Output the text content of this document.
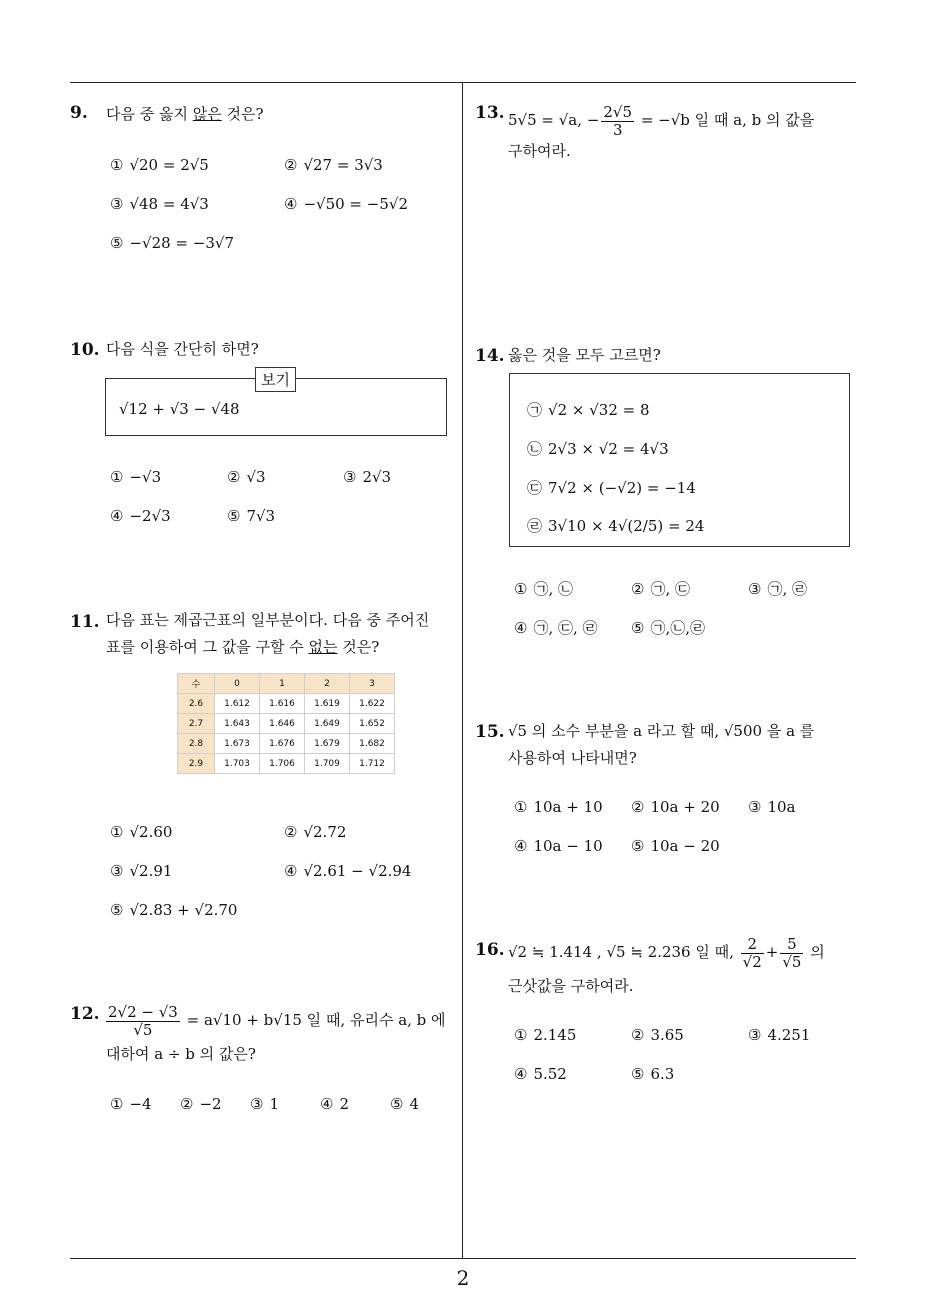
2
9. 다음 중 옳지 않은 것은?
① √20 = 2√5	② √27 = 3√3
③ √48 = 4√3	④ −√50 = −5√2
⑤ −√28 = −3√7
10. 다음 식을 간단히 하면?
보기
√12 + √3 − √48
① −√3	② √3	③ 2√3
④ −2√3	⑤ 7√3
11. 다음 표는 제곱근표의 일부분이다. 다음 중 주어진
표를 이용하여 그 값을 구할 수 없는 것은?
수	0	1	2	3
2.6	1.612	1.616	1.619	1.622
2.7	1.643	1.646	1.649	1.652
2.8	1.673	1.676	1.679	1.682
2.9	1.703	1.706	1.709	1.712
① √2.60	② √2.72
③ √2.91	④ √2.61 − √2.94
⑤ √2.83 + √2.70
12. $\frac{2√2 - √3}{√5} = a√10 + b√15$ 일 때, 유리수 a, b 에
대하여 a ÷ b 의 값은?
① −4 ② −2 ③ 1	④ 2	⑤ 4
13. 5√5 = √a, − $\frac{2√5}{3} = -√b$ 일 때 a, b 의 값을
구하여라.
14. 옳은 것을 모두 고르면?
㉠ √2 × √32 = 8
㉡ 2√3 × √2 = 4√3
㉢ 7√2 × (−√2) = −14
㉣ 3√10 × 4√(2/5) = 24
① ㉠, ㉡	② ㉠, ㉢	③ ㉠, ㉣
④ ㉠, ㉢, ㉣ ⑤ ㉠,㉡,㉣
15. √5 의 소수 부분을 a 라고 할 때, √500 을 a 를
사용하여 나타내면?
① 10a + 10 ② 10a + 20 ③ 10a
④ 10a − 10 ⑤ 10a − 20
16. √2 ≒ 1.414 , √5 ≒ 2.236 일 때, $\frac{2}{√2} + \frac{5}{√5}$ 의
근삿값을 구하여라.
① 2.145	② 3.65	③ 4.251
④ 5.52	⑤ 6.3
